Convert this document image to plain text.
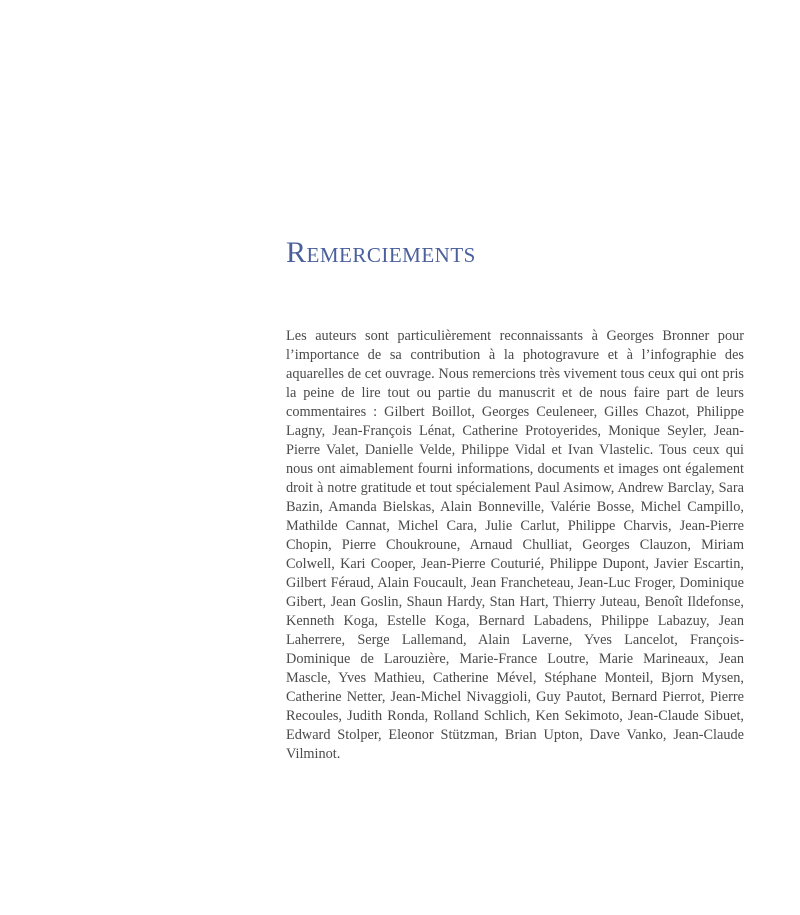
Remerciements

Les auteurs sont particulièrement reconnaissants à Georges Bronner pour l’importance de sa contribution à la photogravure et à l’infographie des aquarelles de cet ouvrage. Nous remercions très vivement tous ceux qui ont pris la peine de lire tout ou partie du manuscrit et de nous faire part de leurs commentaires : Gilbert Boillot, Georges Ceuleneer, Gilles Chazot, Philippe Lagny, Jean-François Lénat, Catherine Protoyerides, Monique Seyler, Jean-Pierre Valet, Danielle Velde, Philippe Vidal et Ivan Vlastelic. Tous ceux qui nous ont aimablement fourni informations, documents et images ont également droit à notre gratitude et tout spécialement Paul Asimow, Andrew Barclay, Sara Bazin, Amanda Bielskas, Alain Bonneville, Valérie Bosse, Michel Campillo, Mathilde Cannat, Michel Cara, Julie Carlut, Philippe Charvis, Jean-Pierre Chopin, Pierre Choukroune, Arnaud Chulliat, Georges Clauzon, Miriam Colwell, Kari Cooper, Jean-Pierre Couturié, Philippe Dupont, Javier Escartin, Gilbert Féraud, Alain Foucault, Jean Francheteau, Jean-Luc Froger, Dominique Gibert, Jean Goslin, Shaun Hardy, Stan Hart, Thierry Juteau, Benoît Ildefonse, Kenneth Koga, Estelle Koga, Bernard Labadens, Philippe Labazuy, Jean Laherrere, Serge Lallemand, Alain Laverne, Yves Lancelot, François-Dominique de Larouzière, Marie-France Loutre, Marie Marineaux, Jean Mascle, Yves Mathieu, Catherine Mével, Stéphane Monteil, Bjorn Mysen, Catherine Netter, Jean-Michel Nivaggioli, Guy Pautot, Bernard Pierrot, Pierre Recoules, Judith Ronda, Rolland Schlich, Ken Sekimoto, Jean-Claude Sibuet, Edward Stolper, Eleonor Stützman, Brian Upton, Dave Vanko, Jean-Claude Vilminot.
